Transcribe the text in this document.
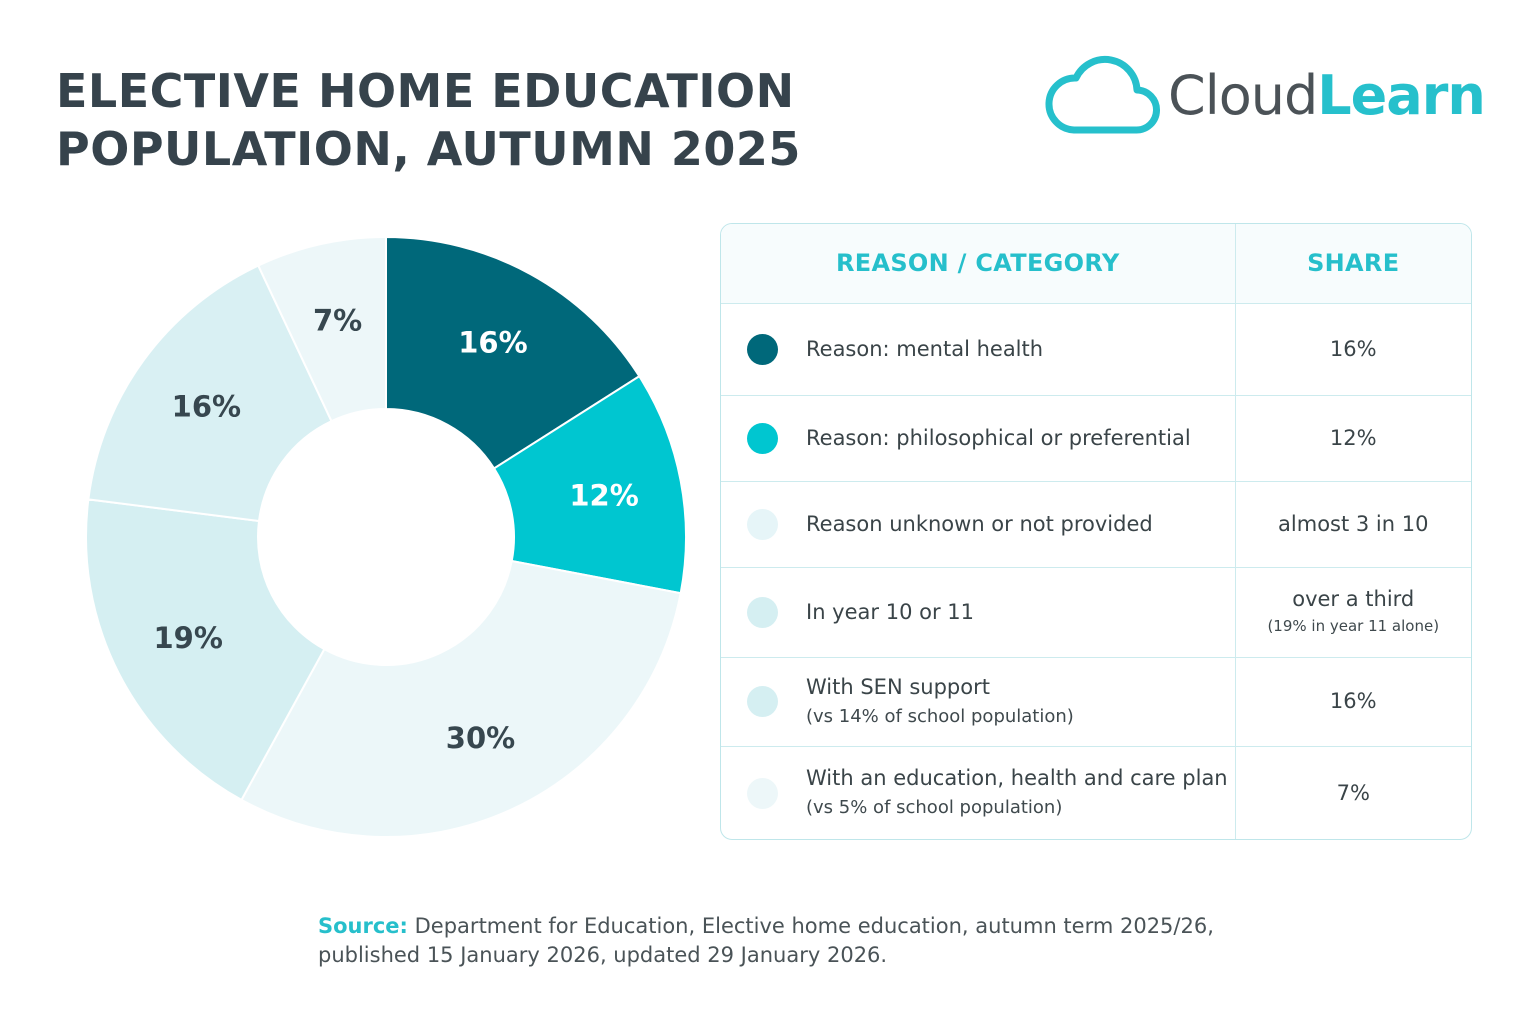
ELECTIVE HOME EDUCATION
POPULATION, AUTUMN 2025
CloudLearn
16%
12%
30%
19%
16%
7%
REASON / CATEGORY	SHARE

Reason: mental health	16%

Reason: philosophical or preferential	12%

Reason unknown or not provided	almost 3 in 10

In year 10 or 11	over a third
(19% in year 11 alone)

With SEN support
(vs 14% of school population)	16%

With an education, health and care plan
(vs 5% of school population)	7%
Source: Department for Education, Elective home education, autumn term 2025/26,
published 15 January 2026, updated 29 January 2026.
